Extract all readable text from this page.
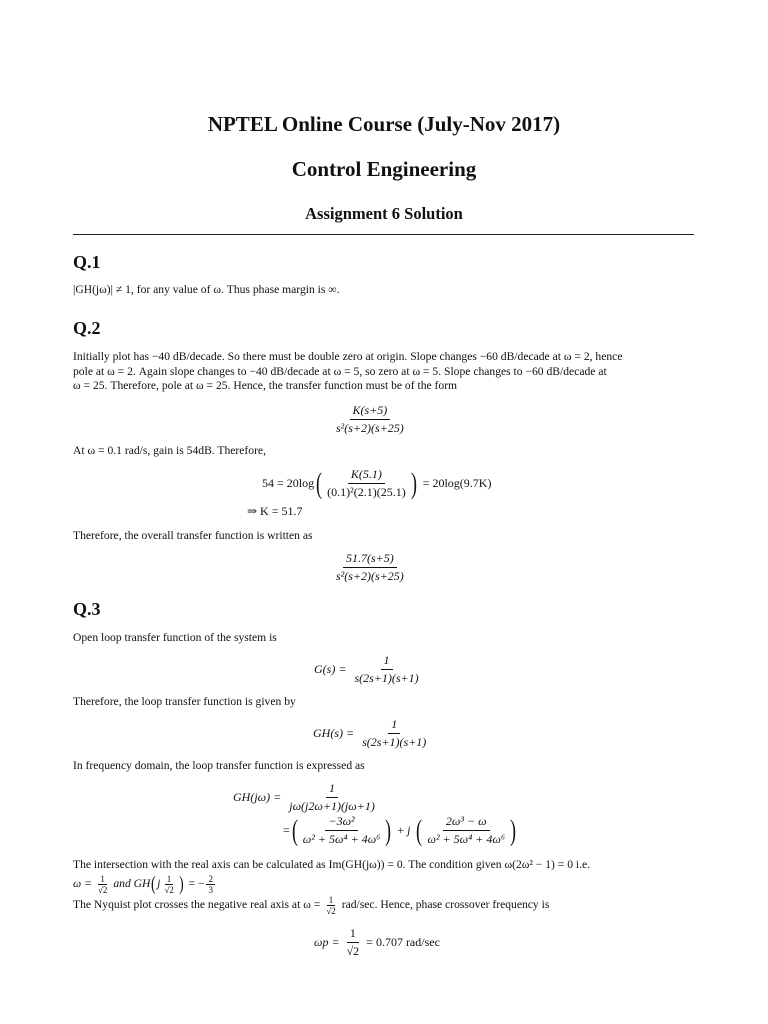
NPTEL Online Course (July-Nov 2017)
Control Engineering
Assignment 6 Solution
Q.1
|GH(jω)| ≠ 1, for any value of ω. Thus phase margin is ∞.
Q.2
Initially plot has −40 dB/decade. So there must be double zero at origin. Slope changes −60 dB/decade at ω = 2, hence
pole at ω = 2. Again slope changes to −40 dB/decade at ω = 5, so zero at ω = 5. Slope changes to −60 dB/decade at
ω = 25. Therefore, pole at ω = 25. Hence, the transfer function must be of the form
$\frac{K(s+5)}{\text{s²(s+2)(s+25)}}$
At ω = 0.1 rad/s, gain is 54dB. Therefore,
54 = 20log ( $\frac{K(5.1)}{\text{(0.1)²(2.1)(25.1)}}$ ) = 20log(9.7K)
⇒ K = 51.7
Therefore, the overall transfer function is written as
$\frac{51.7(s+5)}{\text{s²(s+2)(s+25)}}$
Q.3
Open loop transfer function of the system is
$G(s) = \frac{1}{s(2s+1)(s+1)}$
Therefore, the loop transfer function is given by
$GH(s) = \frac{1}{s(2s+1)(s+1)}$
In frequency domain, the loop transfer function is expressed as
$GH(j\omega) = \frac{1}{j\omega(j2\omega+1)(j\omega+1)}$
= ( $\frac{\text{−3ω²}}{\text{ω² + 5ω⁴ + 4ω⁶}}$ ) + j ( $\frac{\text{2ω³ − ω}}{\text{ω² + 5ω⁴ + 4ω⁶}}$ )
The intersection with the real axis can be calculated as Im(GH(jω)) = 0. The condition given ω(2ω² − 1) = 0 i.e.
$\omega = \frac{1}{√2}$ and GH ( j $\frac{1}{√2}$ ) = − $\frac{2}{3}$
The Nyquist plot crosses the negative real axis at $\omega = \frac{1}{√2} rad/\sec$. Hence, phase crossover frequency is
$\omega p = \frac{1}{√2} = 0.707$ rad/sec
